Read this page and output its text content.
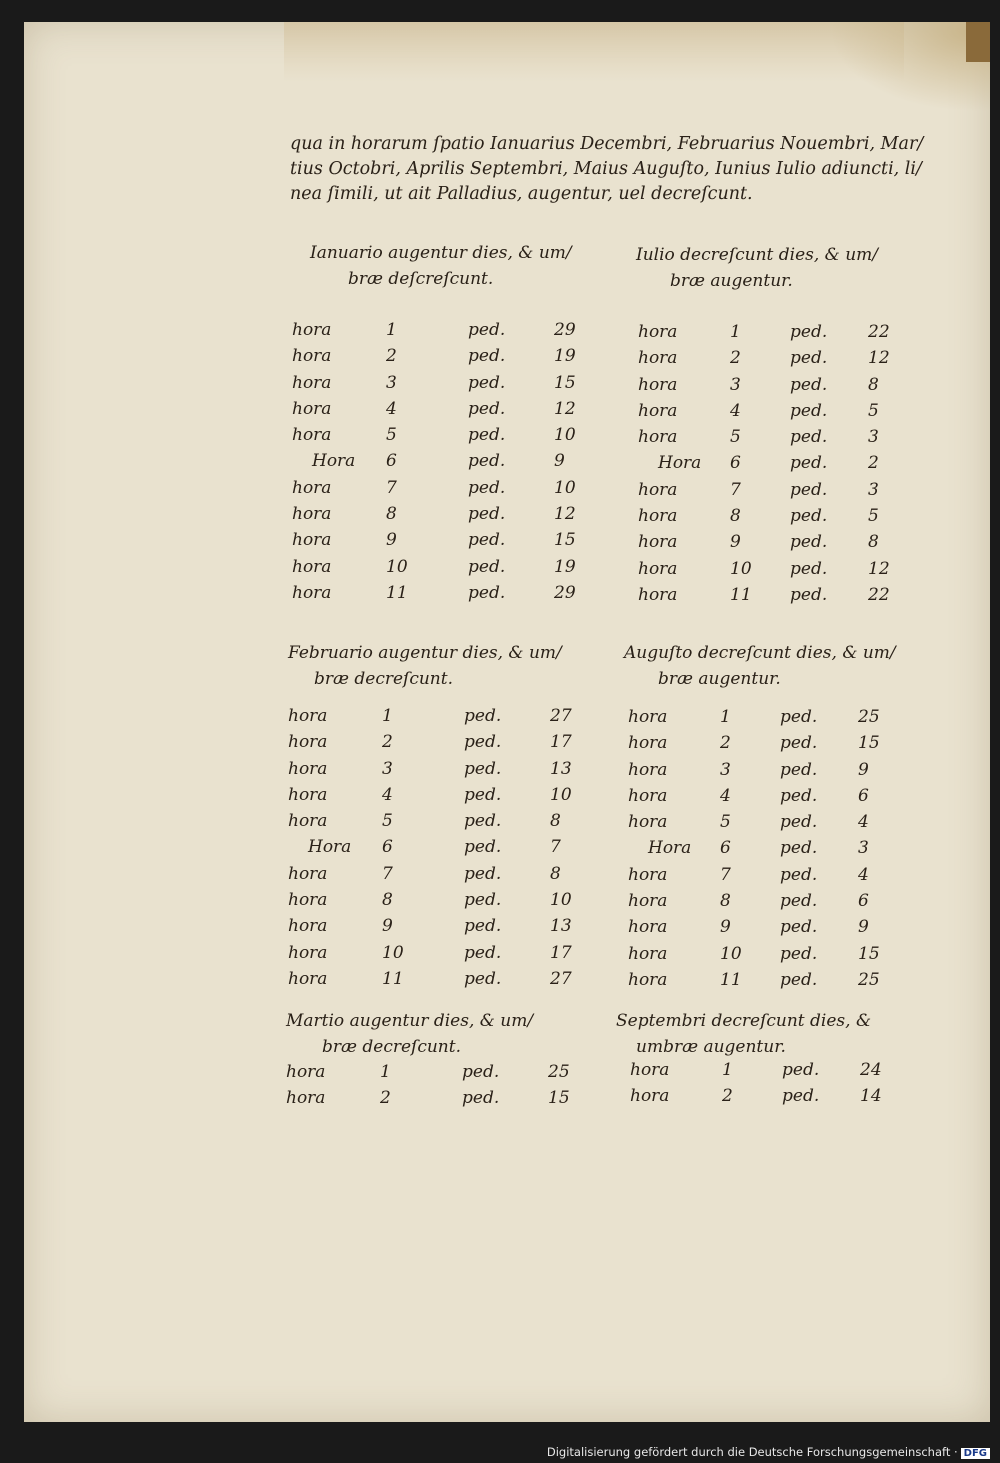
qua in horarum ſpatio Ianuarius Decembri, Februarius Nouembri, Mar/
tius Octobri, Aprilis Septembri, Maius Auguſto, Iunius Iulio adiuncti, li/
nea ſimili, ut ait Palladius, augentur, uel decreſcunt.
Ianuario augentur dies, & um/
bræ deſcreſcunt.
hora	1	ped.	29
hora	2	ped.	19
hora	3	ped.	15
hora	4	ped.	12
hora	5	ped.	10
Hora 6	ped.	9
hora	7	ped.	10
hora	8	ped.	12
hora	9	ped.	15
hora	10	ped.	19
hora	11	ped.	29
Iulio decreſcunt dies, & um/
bræ augentur.
hora	1	ped. 22
hora	2	ped. 12
hora	3	ped. 8
hora	4	ped. 5
hora	5	ped. 3
Hora 6	ped. 2
hora	7	ped. 3
hora	8	ped. 5
hora	9	ped. 8
hora	10 ped. 12
hora	11 ped. 22
Februario augentur dies, & um/
bræ decreſcunt.
hora	1	ped.	27
hora	2	ped.	17
hora	3	ped.	13
hora	4	ped.	10
hora	5	ped.	8
Hora 6	ped.	7
hora	7	ped.	8
hora	8	ped.	10
hora	9	ped.	13
hora	10	ped.	17
hora	11	ped.	27
Auguſto decreſcunt dies, & um/
bræ augentur.
hora	1	ped. 25
hora	2	ped. 15
hora	3	ped. 9
hora	4	ped. 6
hora	5	ped. 4
Hora 6	ped. 3
hora	7	ped. 4
hora	8	ped. 6
hora	9	ped. 9
hora	10 ped. 15
hora	11 ped. 25
Martio augentur dies, & um/
bræ decreſcunt.
hora	1	ped.	25
hora	2	ped.	15
Septembri decreſcunt dies, &
umbræ augentur.
hora	1	ped. 24
hora	2	ped. 14
Digitalisierung gefördert durch die Deutsche Forschungsgemeinschaft · DFG
